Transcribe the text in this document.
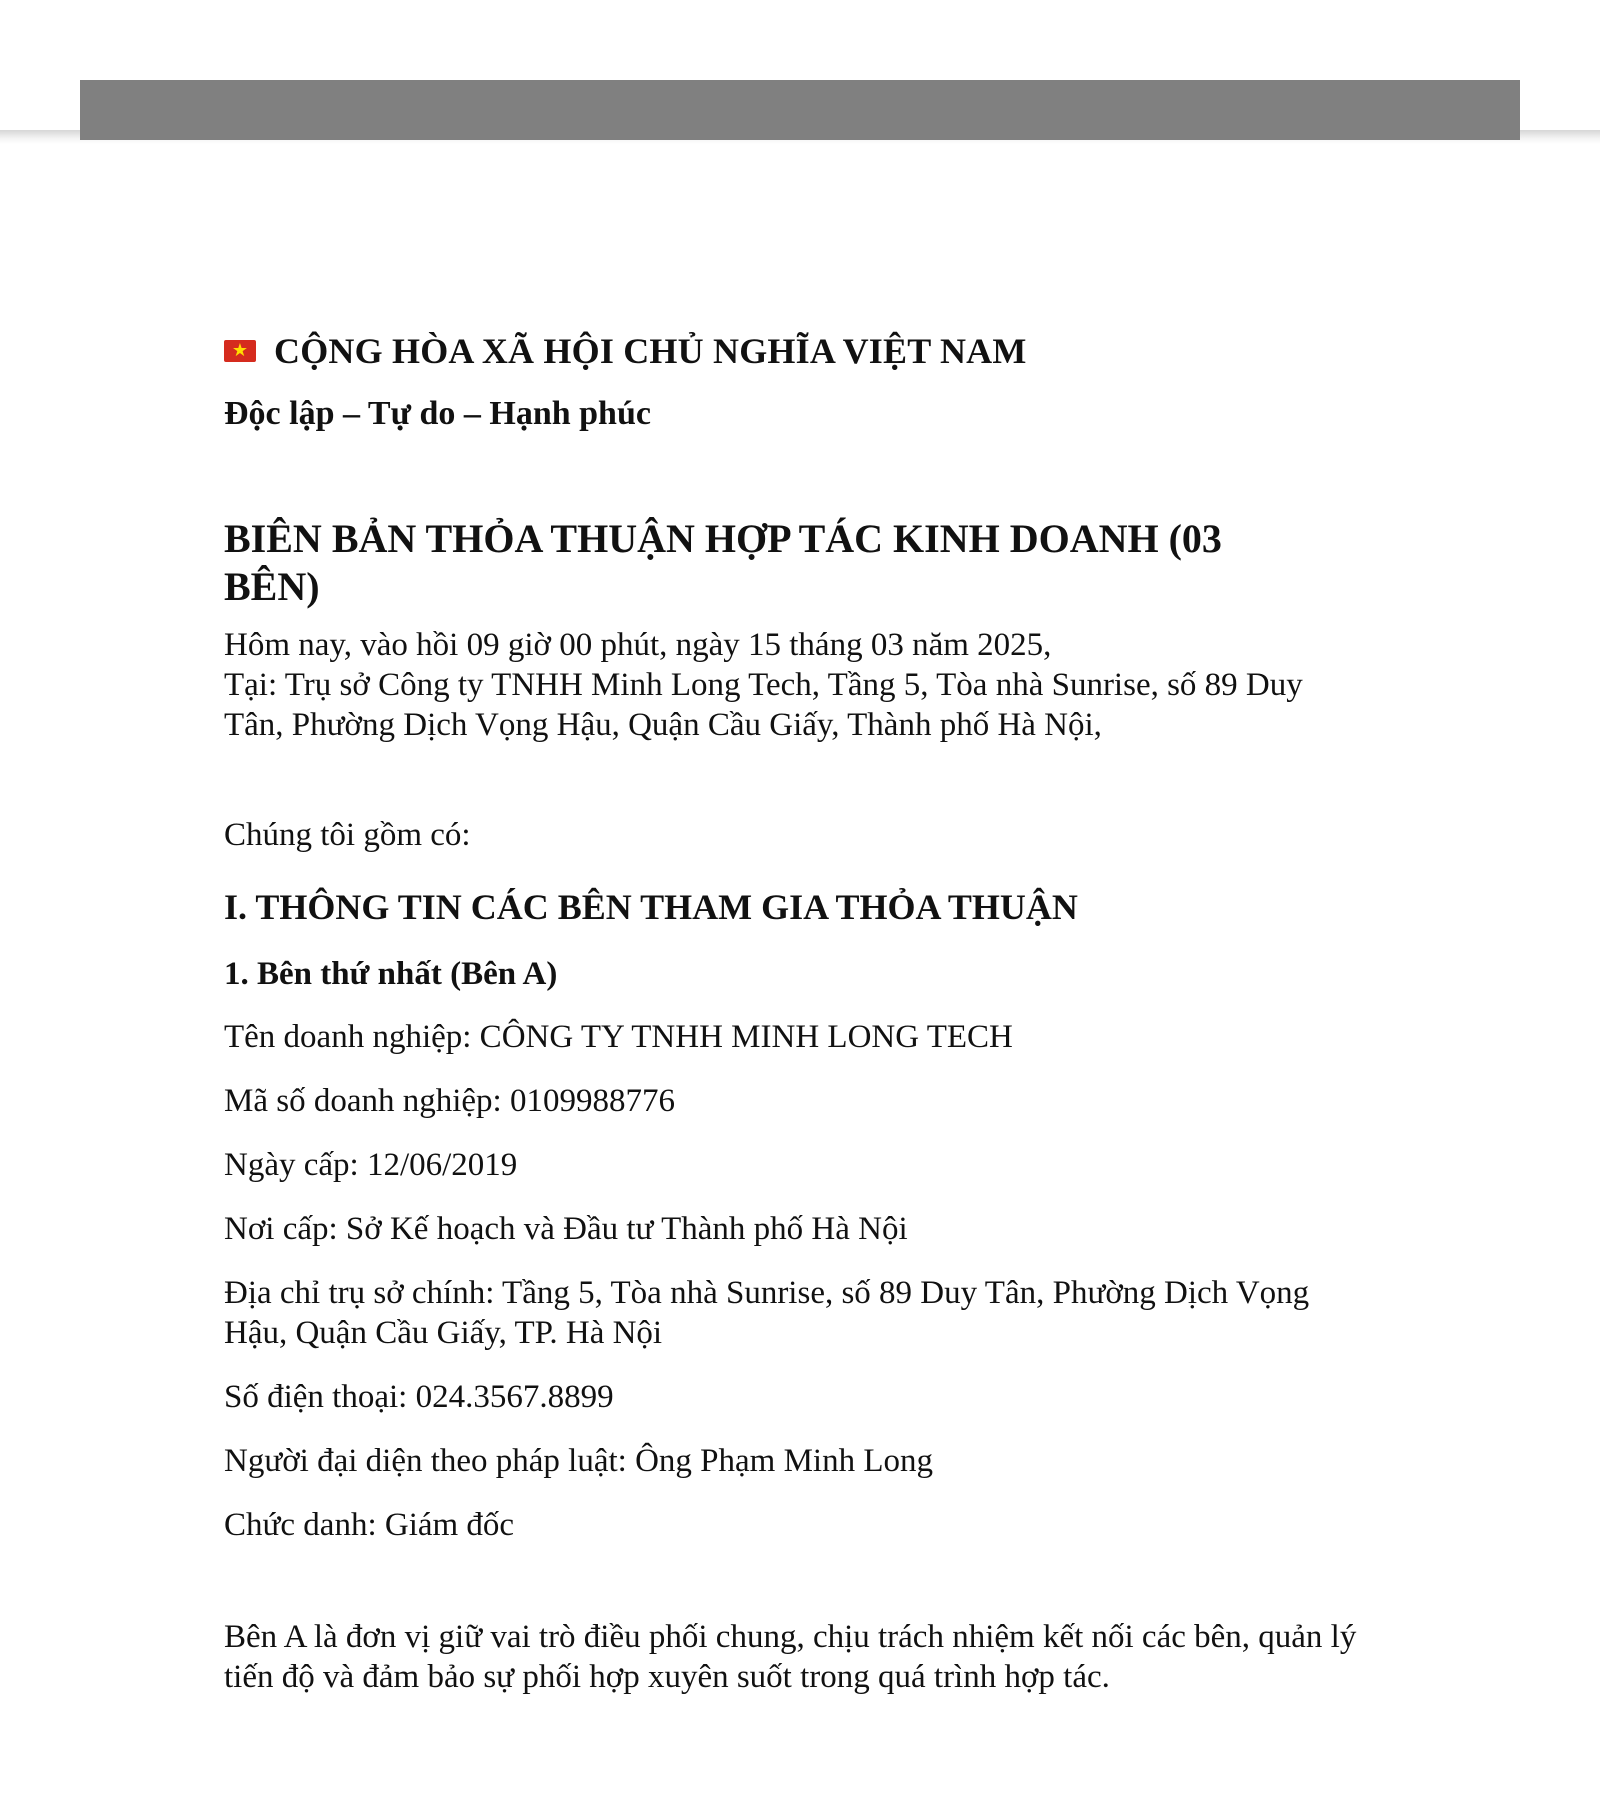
★ CỘNG HÒA XÃ HỘI CHỦ NGHĨA VIỆT NAM
Độc lập – Tự do – Hạnh phúc
BIÊN BẢN THỎA THUẬN HỢP TÁC KINH DOANH (03 BÊN)
Hôm nay, vào hồi 09 giờ 00 phút, ngày 15 tháng 03 năm 2025,
Tại: Trụ sở Công ty TNHH Minh Long Tech, Tầng 5, Tòa nhà Sunrise, số 89 Duy Tân, Phường Dịch Vọng Hậu, Quận Cầu Giấy, Thành phố Hà Nội,
Chúng tôi gồm có:
I. THÔNG TIN CÁC BÊN THAM GIA THỎA THUẬN
1. Bên thứ nhất (Bên A)
Tên doanh nghiệp: CÔNG TY TNHH MINH LONG TECH
Mã số doanh nghiệp: 0109988776
Ngày cấp: 12/06/2019
Nơi cấp: Sở Kế hoạch và Đầu tư Thành phố Hà Nội
Địa chỉ trụ sở chính: Tầng 5, Tòa nhà Sunrise, số 89 Duy Tân, Phường Dịch Vọng Hậu, Quận Cầu Giấy, TP. Hà Nội
Số điện thoại: 024.3567.8899
Người đại diện theo pháp luật: Ông Phạm Minh Long
Chức danh: Giám đốc
Bên A là đơn vị giữ vai trò điều phối chung, chịu trách nhiệm kết nối các bên, quản lý tiến độ và đảm bảo sự phối hợp xuyên suốt trong quá trình hợp tác.
